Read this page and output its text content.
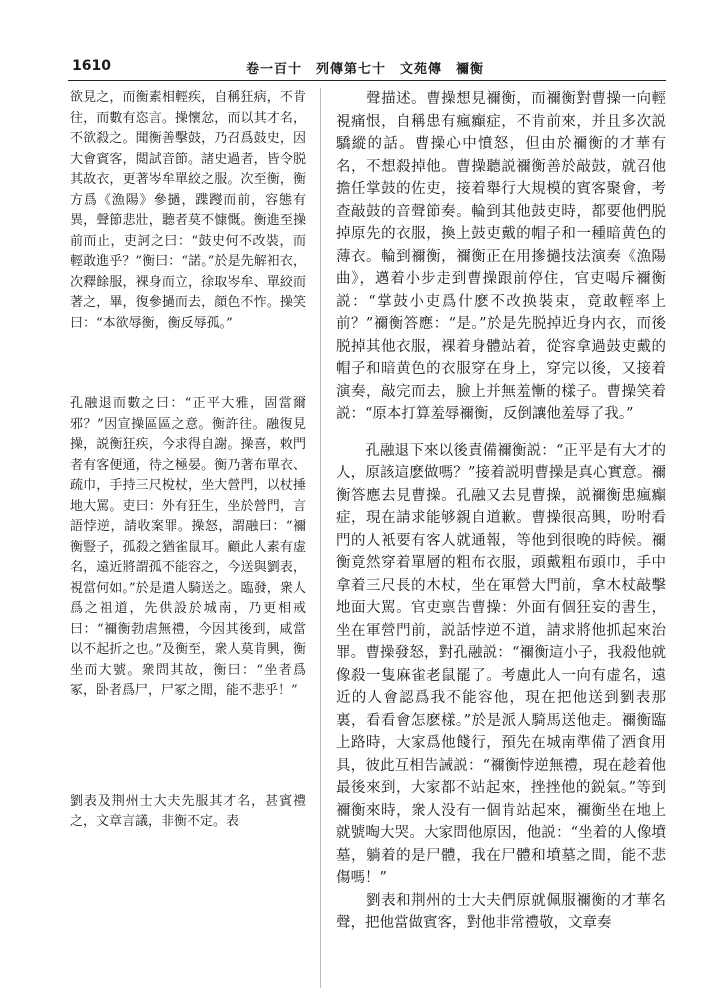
1610	卷一百十　列傳第七十　文苑傳　禰衡

欲見之，而衡素相輕疾，自稱狂病，不肯往，而數有恣言。操懷忿，而以其才名，不欲殺之。聞衡善擊鼓，乃召爲鼓史，因大會賓客，閲試音節。諸史過者，皆令脱其故衣，更著岑牟單絞之服。次至衡，衡方爲《漁陽》參撾，蹀躞而前，容態有異，聲節悲壯，聽者莫不慷慨。衡進至操前而止，吏訶之曰：“鼓史何不改裝，而輕敢進乎？”衡曰：“諾。”於是先解衵衣，次釋餘服，裸身而立，徐取岑牟、單絞而著之，畢，復參撾而去，顔色不怍。操笑曰：“本欲辱衡，衡反辱孤。”

孔融退而數之曰：“正平大雅，固當爾邪？”因宣操區區之意。衡許往。融復見操，説衡狂疾，今求得自謝。操喜，敕門者有客便通，待之極晏。衡乃著布單衣、疏巾，手持三尺梲杖，坐大營門，以杖捶地大罵。吏曰：外有狂生，坐於營門，言語悖逆，請收案罪。操怒，謂融曰：“禰衡豎子，孤殺之猶雀鼠耳。顧此人素有虚名，遠近將謂孤不能容之，今送與劉表，視當何如。”於是遣人騎送之。臨發，衆人爲之祖道，先供設於城南，乃更相戒曰：“禰衡勃虐無禮，今因其後到，咸當以不起折之也。”及衡至，衆人莫肯興，衡坐而大號。衆問其故，衡曰：“坐者爲冢，卧者爲尸，尸冢之閒，能不悲乎！”

劉表及荆州士大夫先服其才名，甚賓禮之，文章言議，非衡不定。表

　　聲描述。曹操想見禰衡，而禰衡對曹操一向輕視痛恨，自稱患有瘋癲症，不肯前來，并且多次説驕縱的話。曹操心中憤怒，但由於禰衡的才華有名，不想殺掉他。曹操聽説禰衡善於敲鼓，就召他擔任掌鼓的佐吏，接着舉行大規模的賓客聚會，考查敲鼓的音聲節奏。輪到其他鼓吏時，都要他們脱掉原先的衣服，換上鼓吏戴的帽子和一種暗黄色的薄衣。輪到禰衡，禰衡正在用摻撾技法演奏《漁陽曲》，邁着小步走到曹操跟前停住，官吏喝斥禰衡説：“掌鼓小吏爲什麽不改换裝束，竟敢輕率上前？”禰衡答應：“是。”於是先脱掉近身内衣，而後脱掉其他衣服，裸着身體站着，從容拿過鼓吏戴的帽子和暗黄色的衣服穿在身上，穿完以後，又接着演奏，敲完而去，臉上并無羞慚的樣子。曹操笑着説：“原本打算羞辱禰衡，反倒讓他羞辱了我。”

　　孔融退下來以後責備禰衡説：“正平是有大才的人，原該這麽做嗎？”接着説明曹操是真心實意。禰衡答應去見曹操。孔融又去見曹操，説禰衡患瘋癲症，現在請求能够親自道歉。曹操很高興，吩咐看門的人衹要有客人就通報，等他到很晚的時候。禰衡竟然穿着單層的粗布衣服，頭戴粗布頭巾，手中拿着三尺長的木杖，坐在軍營大門前，拿木杖敲擊地面大駡。官吏禀告曹操：外面有個狂妄的書生，坐在軍營門前，説話悖逆不道，請求將他抓起來治罪。曹操發怒，對孔融説：“禰衡這小子，我殺他就像殺一隻麻雀老鼠罷了。考慮此人一向有虚名，遠近的人會認爲我不能容他，現在把他送到劉表那裏，看看會怎麽樣。”於是派人騎馬送他走。禰衡臨上路時，大家爲他餞行，預先在城南準備了酒食用具，彼此互相告誡説：“禰衡悖逆無禮，現在趁着他最後來到，大家都不站起來，挫挫他的鋭氣。”等到禰衡來時，衆人没有一個肯站起來，禰衡坐在地上就號啕大哭。大家問他原因，他説：“坐着的人像墳墓，躺着的是尸體，我在尸體和墳墓之間，能不悲傷嗎！”

　　劉表和荆州的士大夫們原就佩服禰衡的才華名聲，把他當做賓客，對他非常禮敬，文章奏
